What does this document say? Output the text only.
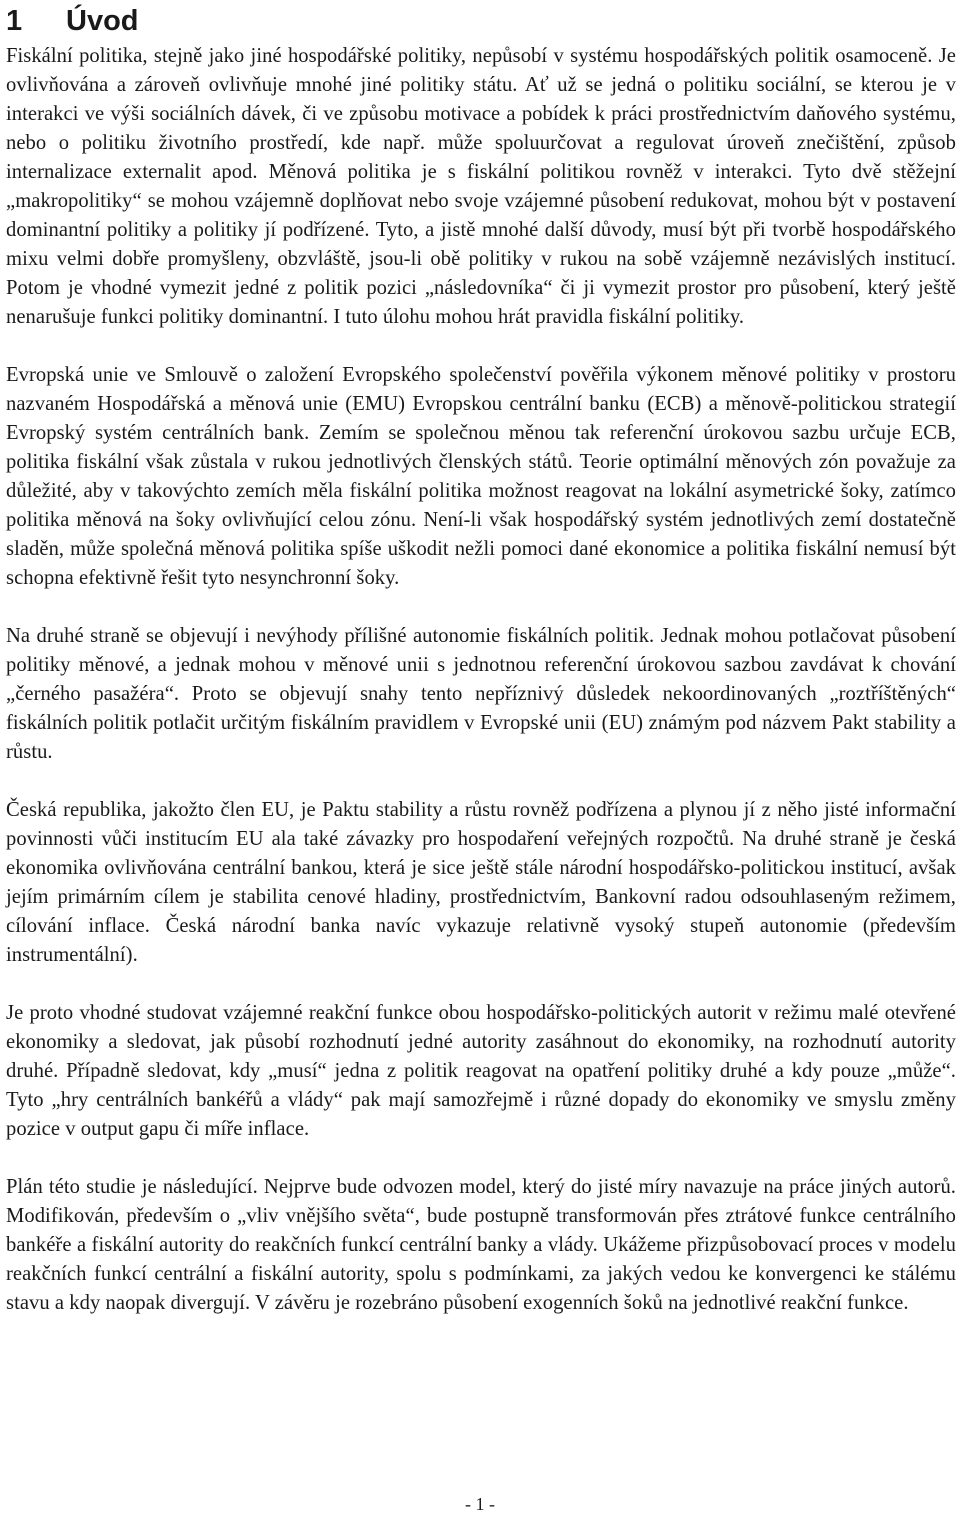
1	Úvod

Fiskální politika, stejně jako jiné hospodářské politiky, nepůsobí v systému hospodářských politik osamoceně. Je ovlivňována a zároveň ovlivňuje mnohé jiné politiky státu. Ať už se jedná o politiku sociální, se kterou je v interakci ve výši sociálních dávek, či ve způsobu motivace a pobídek k práci prostřednictvím daňového systému, nebo o politiku životního prostředí, kde např. může spoluurčovat a regulovat úroveň znečištění, způsob internalizace externalit apod. Měnová politika je s fiskální politikou rovněž v interakci. Tyto dvě stěžejní „makropolitiky“ se mohou vzájemně doplňovat nebo svoje vzájemné působení redukovat, mohou být v postavení dominantní politiky a politiky jí podřízené. Tyto, a jistě mnohé další důvody, musí být při tvorbě hospodářského mixu velmi dobře promyšleny, obzvláště, jsou-li obě politiky v rukou na sobě vzájemně nezávislých institucí. Potom je vhodné vymezit jedné z politik pozici „následovníka“ či ji vymezit prostor pro působení, který ještě nenarušuje funkci politiky dominantní. I tuto úlohu mohou hrát pravidla fiskální politiky.

Evropská unie ve Smlouvě o založení Evropského společenství pověřila výkonem měnové politiky v prostoru nazvaném Hospodářská a měnová unie (EMU) Evropskou centrální banku (ECB) a měnově-politickou strategií Evropský systém centrálních bank. Zemím se společnou měnou tak referenční úrokovou sazbu určuje ECB, politika fiskální však zůstala v rukou jednotlivých členských států. Teorie optimální měnových zón považuje za důležité, aby v takovýchto zemích měla fiskální politika možnost reagovat na lokální asymetrické šoky, zatímco politika měnová na šoky ovlivňující celou zónu. Není-li však hospodářský systém jednotlivých zemí dostatečně sladěn, může společná měnová politika spíše uškodit nežli pomoci dané ekonomice a politika fiskální nemusí být schopna efektivně řešit tyto nesynchronní šoky.

Na druhé straně se objevují i nevýhody přílišné autonomie fiskálních politik. Jednak mohou potlačovat působení politiky měnové, a jednak mohou v měnové unii s jednotnou referenční úrokovou sazbou zavdávat k chování „černého pasažéra“. Proto se objevují snahy tento nepříznivý důsledek nekoordinovaných „roztříštěných“ fiskálních politik potlačit určitým fiskálním pravidlem v Evropské unii (EU) známým pod názvem Pakt stability a růstu.

Česká republika, jakožto člen EU, je Paktu stability a růstu rovněž podřízena a plynou jí z něho jisté informační povinnosti vůči institucím EU ala také závazky pro hospodaření veřejných rozpočtů. Na druhé straně je česká ekonomika ovlivňována centrální bankou, která je sice ještě stále národní hospodářsko-politickou institucí, avšak jejím primárním cílem je stabilita cenové hladiny, prostřednictvím, Bankovní radou odsouhlaseným režimem, cílování inflace. Česká národní banka navíc vykazuje relativně vysoký stupeň autonomie (především instrumentální).

Je proto vhodné studovat vzájemné reakční funkce obou hospodářsko-politických autorit v režimu malé otevřené ekonomiky a sledovat, jak působí rozhodnutí jedné autority zasáhnout do ekonomiky, na rozhodnutí autority druhé. Případně sledovat, kdy „musí“ jedna z politik reagovat na opatření politiky druhé a kdy pouze „může“. Tyto „hry centrálních bankéřů a vlády“ pak mají samozřejmě i různé dopady do ekonomiky ve smyslu změny pozice v output gapu či míře inflace.

Plán této studie je následující. Nejprve bude odvozen model, který do jisté míry navazuje na práce jiných autorů. Modifikován, především o „vliv vnějšího světa“, bude postupně transformován přes ztrátové funkce centrálního bankéře a fiskální autority do reakčních funkcí centrální banky a vlády. Ukážeme přizpůsobovací proces v modelu reakčních funkcí centrální a fiskální autority, spolu s podmínkami, za jakých vedou ke konvergenci ke stálému stavu a kdy naopak divergují. V závěru je rozebráno působení exogenních šoků na jednotlivé reakční funkce.

- 1 -
